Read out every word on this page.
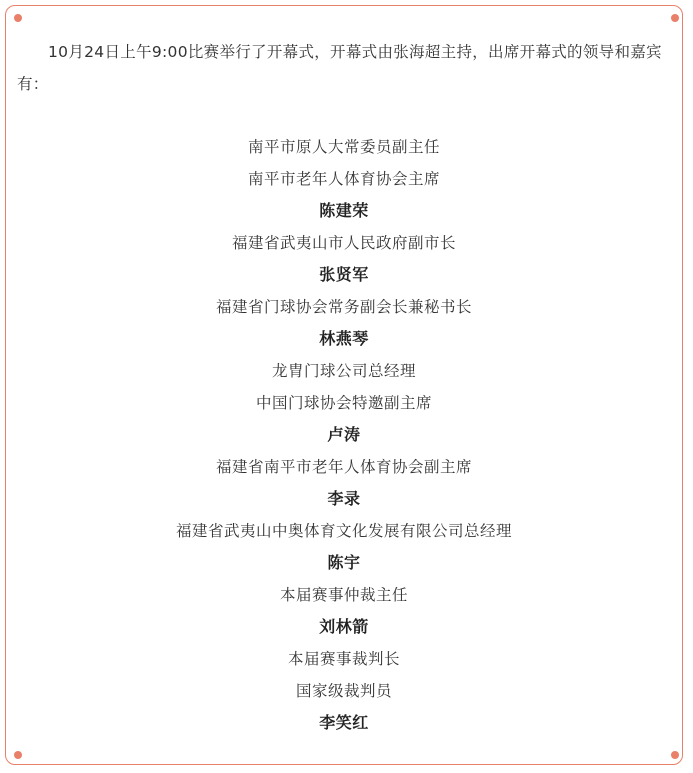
10月24日上午9:00比赛举行了开幕式，开幕式由张海超主持，出席开幕式的领导和嘉宾有：

南平市原人大常委员副主任
南平市老年人体育协会主席
陈建荣
福建省武夷山市人民政府副市长
张贤军
福建省门球协会常务副会长兼秘书长
林燕琴
龙胄门球公司总经理
中国门球协会特邀副主席
卢涛
福建省南平市老年人体育协会副主席
李录
福建省武夷山中奥体育文化发展有限公司总经理
陈宇
本届赛事仲裁主任
刘林箭
本届赛事裁判长
国家级裁判员
李笑红
